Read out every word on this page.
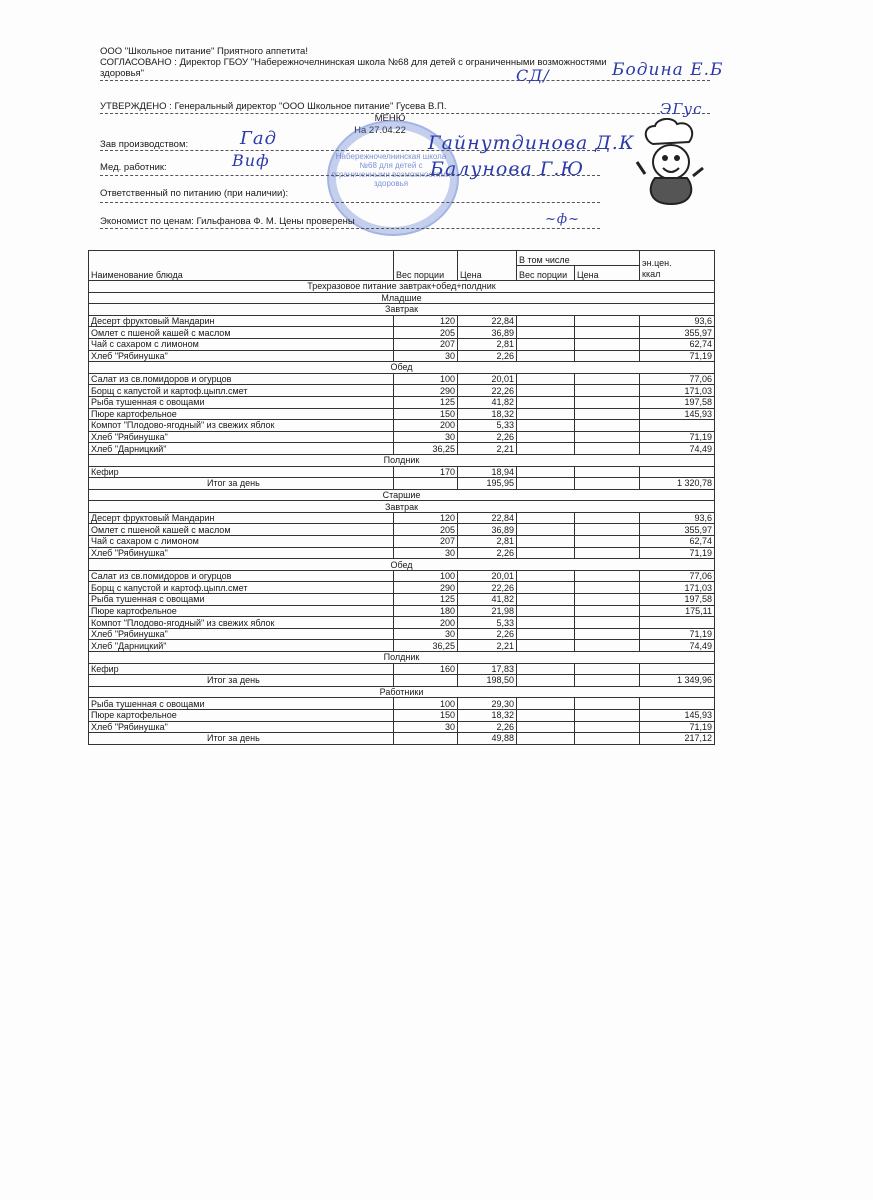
ООО "Школьное питание" Приятного аппетита!
СОГЛАСОВАНО : Директор ГБОУ "Набережночелнинская школа №68 для детей с ограниченными возможностями здоровья"	СД/	Бодина Е.Б
УТВЕРЖДЕНО : Генеральный директор "ООО Школьное питание" Гусева В.П.	ЭГус
МЕНЮ
На 27.04.22
Набережночелнинская школа №68 для детей с ограниченными возможностями здоровья
Зав производством:	Гад	Гайнутдинова Д.К
Мед. работник:	Виф	Балунова Г.Ю
Ответственный по питанию (при наличии):
Экономист по ценам: Гильфанова Ф. М. Цены проверены	~ф~
Наименование блюда	Вес порции	Цена	В том числе		эн.цен.
ккал
			Вес порции	Цена	
Трехразовое питание завтрак+обед+полдник					
Младшие					
Завтрак					
Десерт фруктовый Мандарин	120	22,84			93,6
Омлет с пшеной кашей с маслом	205	36,89			355,97
Чай с сахаром с лимоном	207	2,81			62,74
Хлеб "Рябинушка"	30	2,26			71,19
Обед					
Салат из св.помидоров и огурцов	100	20,01			77,06
Борщ с капустой и картоф.цыпл.смет	290	22,26			171,03
Рыба тушенная с овощами	125	41,82			197,58
Пюре картофельное	150	18,32			145,93
Компот "Плодово-ягодный" из свежих яблок	200	5,33			
Хлеб "Рябинушка"	30	2,26			71,19
Хлеб "Дарницкий"	36,25	2,21			74,49
Полдник					
Кефир	170	18,94			
Итог за день		195,95			1 320,78
Старшие					
Завтрак					
Десерт фруктовый Мандарин	120	22,84			93,6
Омлет с пшеной кашей с маслом	205	36,89			355,97
Чай с сахаром с лимоном	207	2,81			62,74
Хлеб "Рябинушка"	30	2,26			71,19
Обед					
Салат из св.помидоров и огурцов	100	20,01			77,06
Борщ с капустой и картоф.цыпл.смет	290	22,26			171,03
Рыба тушенная с овощами	125	41,82			197,58
Пюре картофельное	180	21,98			175,11
Компот "Плодово-ягодный" из свежих яблок	200	5,33			
Хлеб "Рябинушка"	30	2,26			71,19
Хлеб "Дарницкий"	36,25	2,21			74,49
Полдник					
Кефир	160	17,83			
Итог за день		198,50			1 349,96
Работники					
Рыба тушенная с овощами	100	29,30			
Пюре картофельное	150	18,32			145,93
Хлеб "Рябинушка"	30	2,26			71,19
Итог за день		49,88			217,12
